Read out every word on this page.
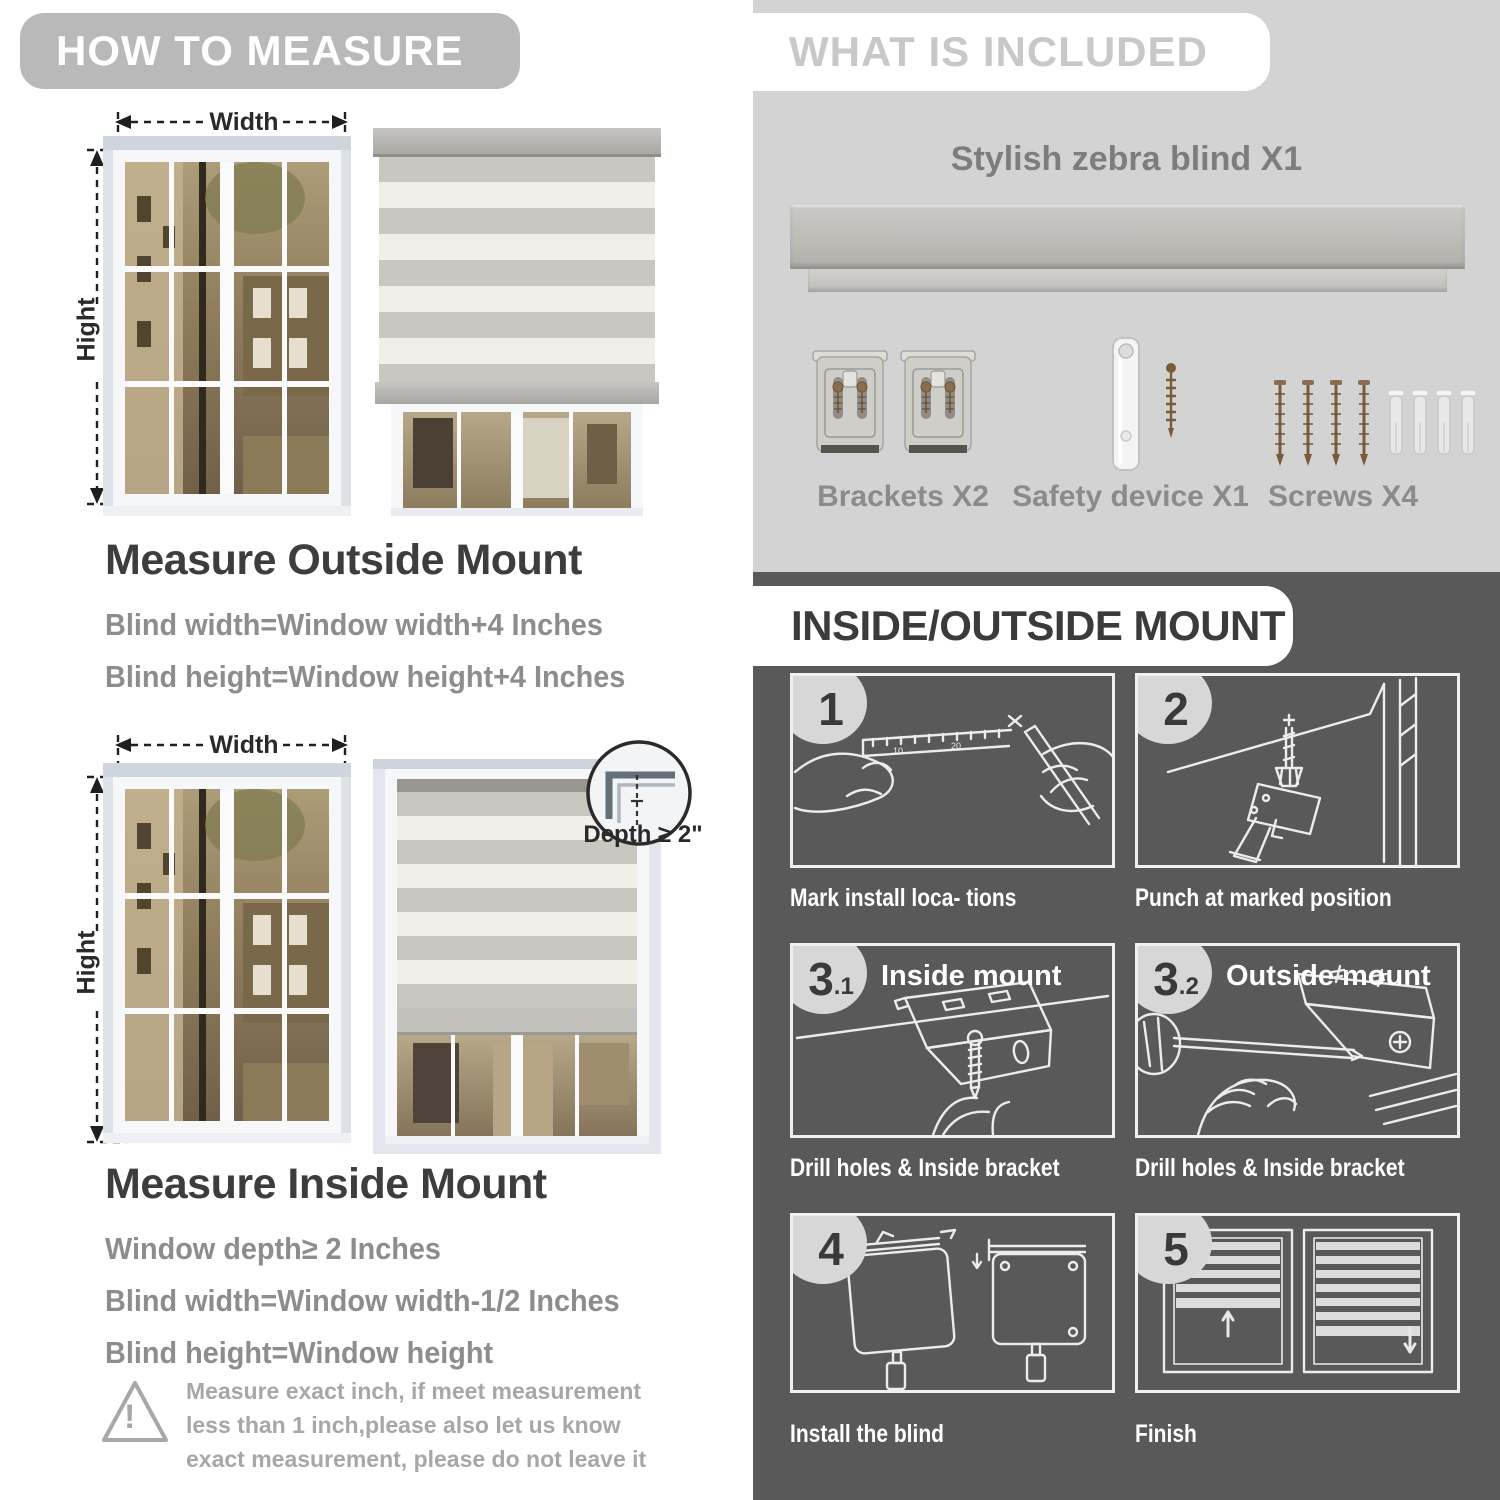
HOW TO MEASURE
Width
Hight
Measure Outside Mount
Blind width=Window width+4 Inches
Blind height=Window height+4 Inches
Width
Hight
Depth ≥ 2"
Measure Inside Mount
Window depth≥ 2 Inches
Blind width=Window width-1/2 Inches
Blind height=Window height
!
Measure exact inch, if meet measurement less than 1 inch,please also let us know exact measurement, please do not leave it
WHAT IS INCLUDED
Stylish zebra blind X1
Brackets X2 Safety device X1 Screws X4
INSIDE/OUTSIDE MOUNT
10	20
1
Mark install loca- tions
2
Punch at marked position
3 .1 Inside mount
Drill holes & Inside bracket
3 .2 Outside mount
Drill holes & Inside bracket
4
Install the blind
5
Finish
